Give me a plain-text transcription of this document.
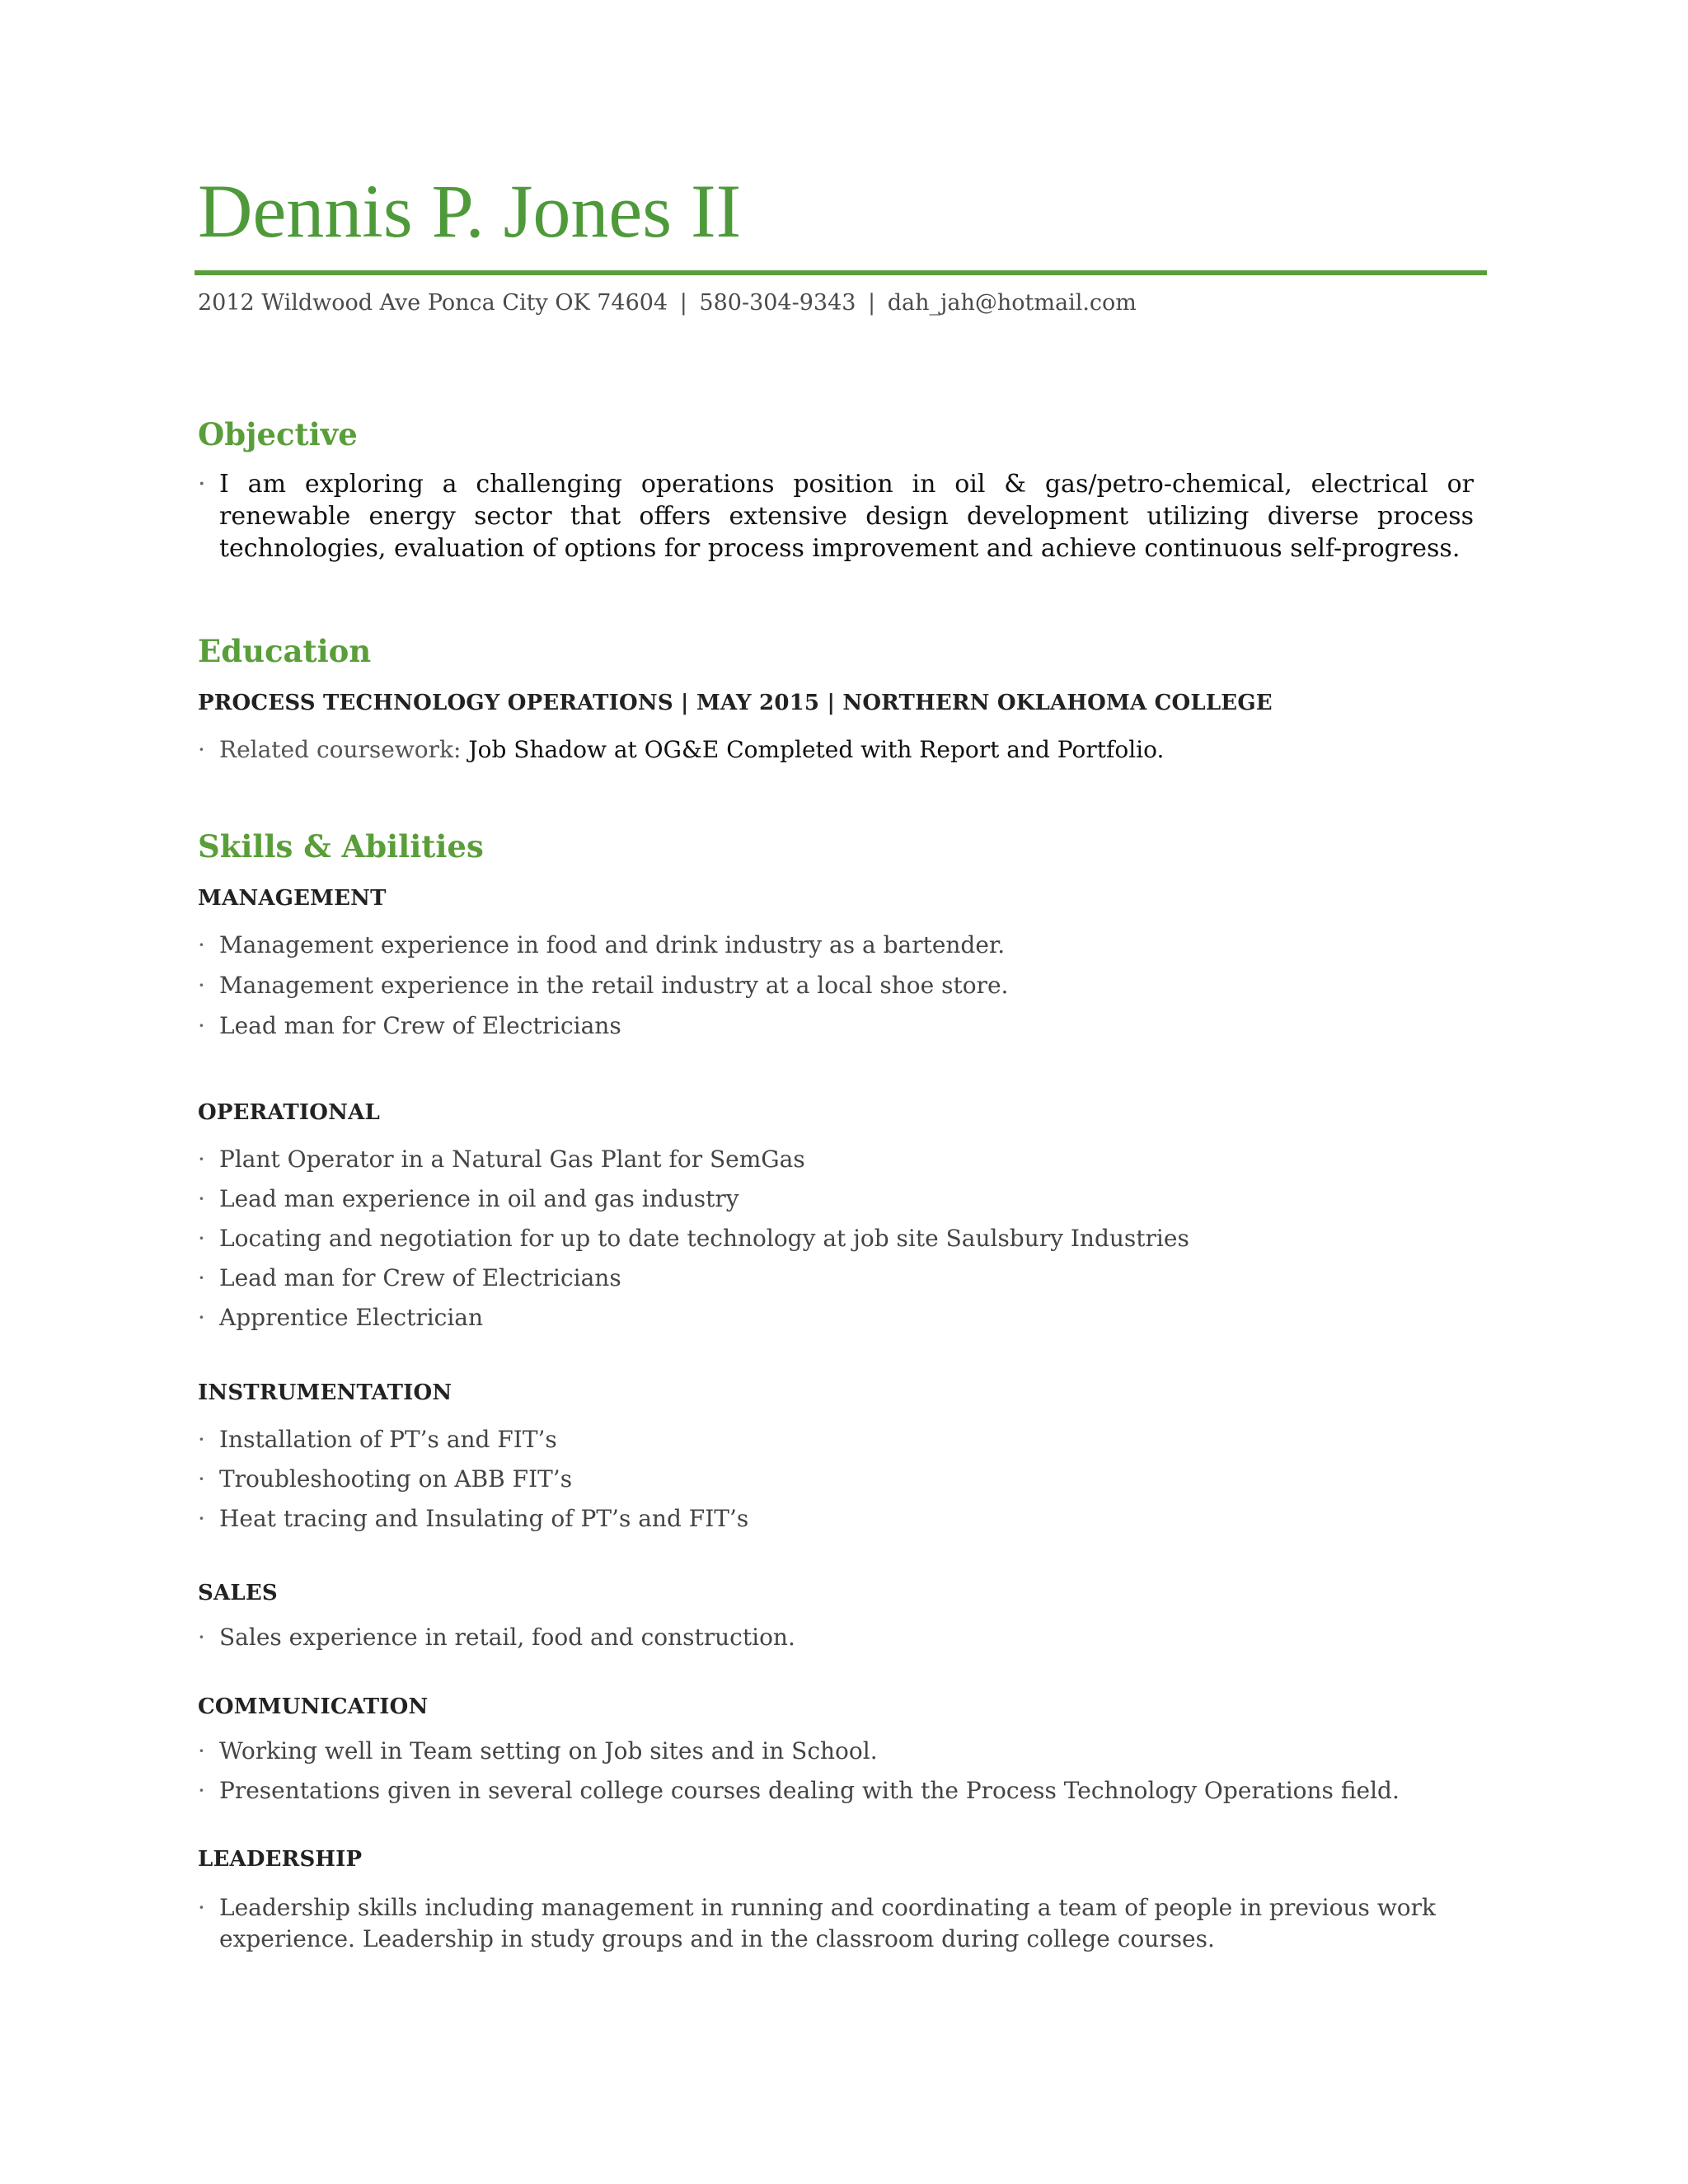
Dennis P. Jones II
2012 Wildwood Ave Ponca City OK 74604 | 580-304-9343 | dah_jah@hotmail.com
Objective
· I am exploring a challenging operations position in oil & gas/petro-chemical, electrical or renewable energy sector that offers extensive design development utilizing diverse process technologies, evaluation of options for process improvement and achieve continuous self-progress.
Education
PROCESS TECHNOLOGY OPERATIONS | MAY 2015 | NORTHERN OKLAHOMA COLLEGE
· Related coursework: Job Shadow at OG&E Completed with Report and Portfolio.
Skills & Abilities
MANAGEMENT
· Management experience in food and drink industry as a bartender.
· Management experience in the retail industry at a local shoe store.
· Lead man for Crew of Electricians
OPERATIONAL
· Plant Operator in a Natural Gas Plant for SemGas
· Lead man experience in oil and gas industry
· Locating and negotiation for up to date technology at job site Saulsbury Industries
· Lead man for Crew of Electricians
· Apprentice Electrician
INSTRUMENTATION
· Installation of PT’s and FIT’s
· Troubleshooting on ABB FIT’s
· Heat tracing and Insulating of PT’s and FIT’s
SALES
· Sales experience in retail, food and construction.
COMMUNICATION
· Working well in Team setting on Job sites and in School.
· Presentations given in several college courses dealing with the Process Technology Operations field.
LEADERSHIP
· Leadership skills including management in running and coordinating a team of people in previous work experience. Leadership in study groups and in the classroom during college courses.
